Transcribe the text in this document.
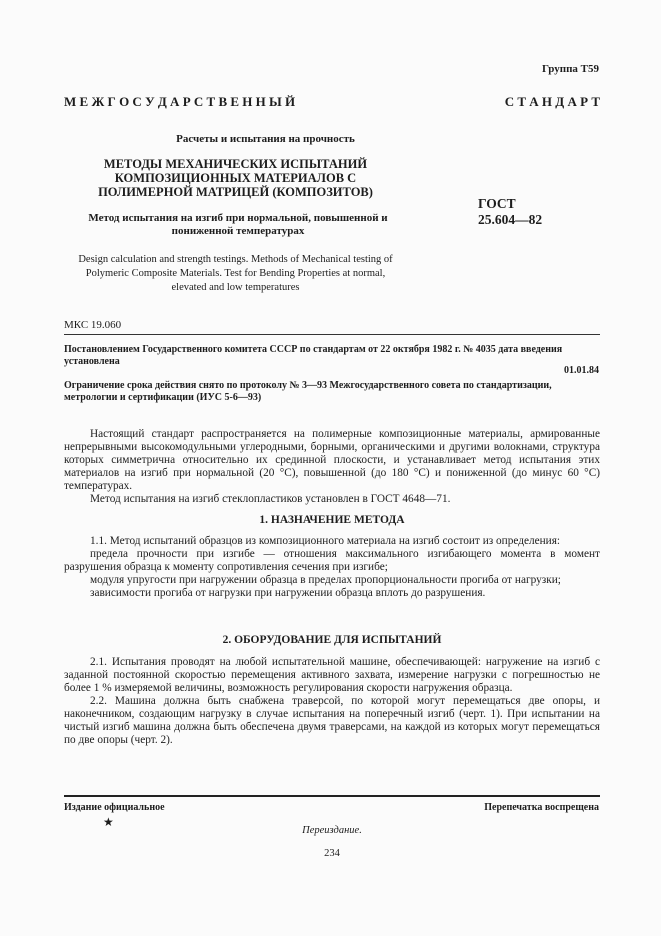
Группа Т59
М Е Ж Г О С У Д А Р С Т В Е Н Н Ы Й	С Т А Н Д А Р Т
Расчеты и испытания на прочность
МЕТОДЫ МЕХАНИЧЕСКИХ ИСПЫТАНИЙ КОМПОЗИЦИОННЫХ МАТЕРИАЛОВ С ПОЛИМЕРНОЙ МАТРИЦЕЙ (КОМПОЗИТОВ)
ГОСТ
25.604—82
Метод испытания на изгиб при нормальной, повышенной и пониженной температурах
Design calculation and strength testings. Methods of Mechanical testing of Polymeric Composite Materials. Test for Bending Properties at normal, elevated and low temperatures
МКС 19.060
Постановлением Государственного комитета СССР по стандартам от 22 октября 1982 г. № 4035 дата введения установлена
01.01.84
Ограничение срока действия снято по протоколу № 3—93 Межгосударственного совета по стандартизации, метрологии и сертификации (ИУС 5-6—93)

Настоящий стандарт распространяется на полимерные композиционные материалы, армированные непрерывными высокомодульными углеродными, борными, органическими и другими волокнами, структура которых симметрична относительно их срединной плоскости, и устанавливает метод испытания этих материалов на изгиб при нормальной (20 °С), повышенной (до 180 °С) и пониженной (до минус 60 °С) температурах.

Метод испытания на изгиб стеклопластиков установлен в ГОСТ 4648—71.

1. НАЗНАЧЕНИЕ МЕТОДА

1.1. Метод испытаний образцов из композиционного материала на изгиб состоит из определения:

предела прочности при изгибе — отношения максимального изгибающего момента в момент разрушения образца к моменту сопротивления сечения при изгибе;

модуля упругости при нагружении образца в пределах пропорциональности прогиба от нагрузки;

зависимости прогиба от нагрузки при нагружении образца вплоть до разрушения.

2. ОБОРУДОВАНИЕ ДЛЯ ИСПЫТАНИЙ

2.1. Испытания проводят на любой испытательной машине, обеспечивающей: нагружение на изгиб с заданной постоянной скоростью перемещения активного захвата, измерение нагрузки с погрешностью не более 1 % измеряемой величины, возможность регулирования скорости нагружения образца.

2.2. Машина должна быть снабжена траверсой, по которой могут перемещаться две опоры, и наконечником, создающим нагрузку в случае испытания на поперечный изгиб (черт. 1). При испытании на чистый изгиб машина должна быть обеспечена двумя траверсами, на каждой из которых могут перемещаться по две опоры (черт. 2).

Издание официальное	Перепечатка воспрещена
★
Переиздание.
234
